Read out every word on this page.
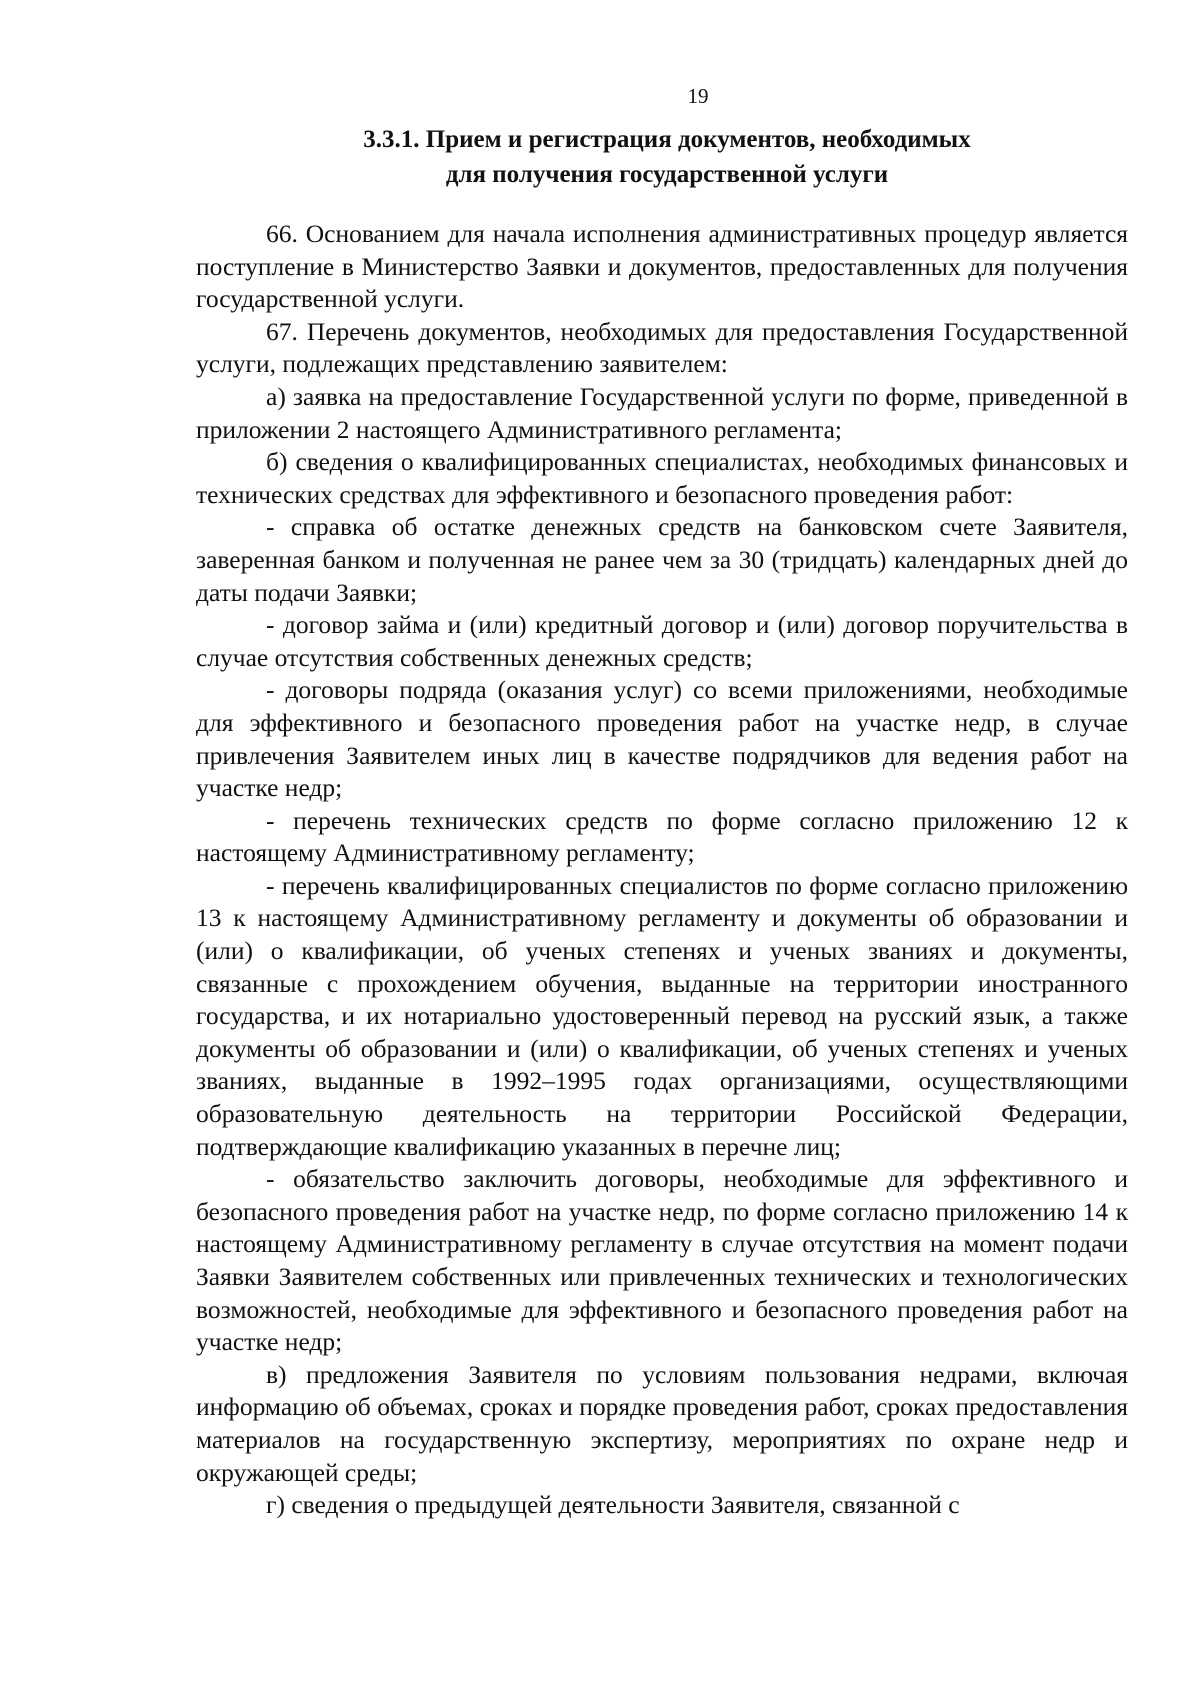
19
3.3.1. Прием и регистрация документов, необходимых
для получения государственной услуги

66. Основанием для начала исполнения административных процедур является поступление в Министерство Заявки и документов, предоставленных для получения государственной услуги.

67. Перечень документов, необходимых для предоставления Государственной услуги, подлежащих представлению заявителем:

а) заявка на предоставление Государственной услуги по форме, приведенной в приложении 2 настоящего Административного регламента;

б) сведения о квалифицированных специалистах, необходимых финансовых и технических средствах для эффективного и безопасного проведения работ:

- справка об остатке денежных средств на банковском счете Заявителя, заверенная банком и полученная не ранее чем за 30 (тридцать) календарных дней до даты подачи Заявки;

- договор займа и (или) кредитный договор и (или) договор поручительства в случае отсутствия собственных денежных средств;

- договоры подряда (оказания услуг) со всеми приложениями, необходимые для эффективного и безопасного проведения работ на участке недр, в случае привлечения Заявителем иных лиц в качестве подрядчиков для ведения работ на участке недр;

- перечень технических средств по форме согласно приложению 12 к настоящему Административному регламенту;

- перечень квалифицированных специалистов по форме согласно приложению 13 к настоящему Административному регламенту и документы об образовании и (или) о квалификации, об ученых степенях и ученых званиях и документы, связанные с прохождением обучения, выданные на территории иностранного государства, и их нотариально удостоверенный перевод на русский язык, а также документы об образовании и (или) о квалификации, об ученых степенях и ученых званиях, выданные в 1992–1995 годах организациями, осуществляющими образовательную деятельность на территории Российской Федерации, подтверждающие квалификацию указанных в перечне лиц;

- обязательство заключить договоры, необходимые для эффективного и безопасного проведения работ на участке недр, по форме согласно приложению 14 к настоящему Административному регламенту в случае отсутствия на момент подачи Заявки Заявителем собственных или привлеченных технических и технологических возможностей, необходимые для эффективного и безопасного проведения работ на участке недр;

в) предложения Заявителя по условиям пользования недрами, включая информацию об объемах, сроках и порядке проведения работ, сроках предоставления материалов на государственную экспертизу, мероприятиях по охране недр и окружающей среды;

г) сведения о предыдущей деятельности Заявителя, связанной с
